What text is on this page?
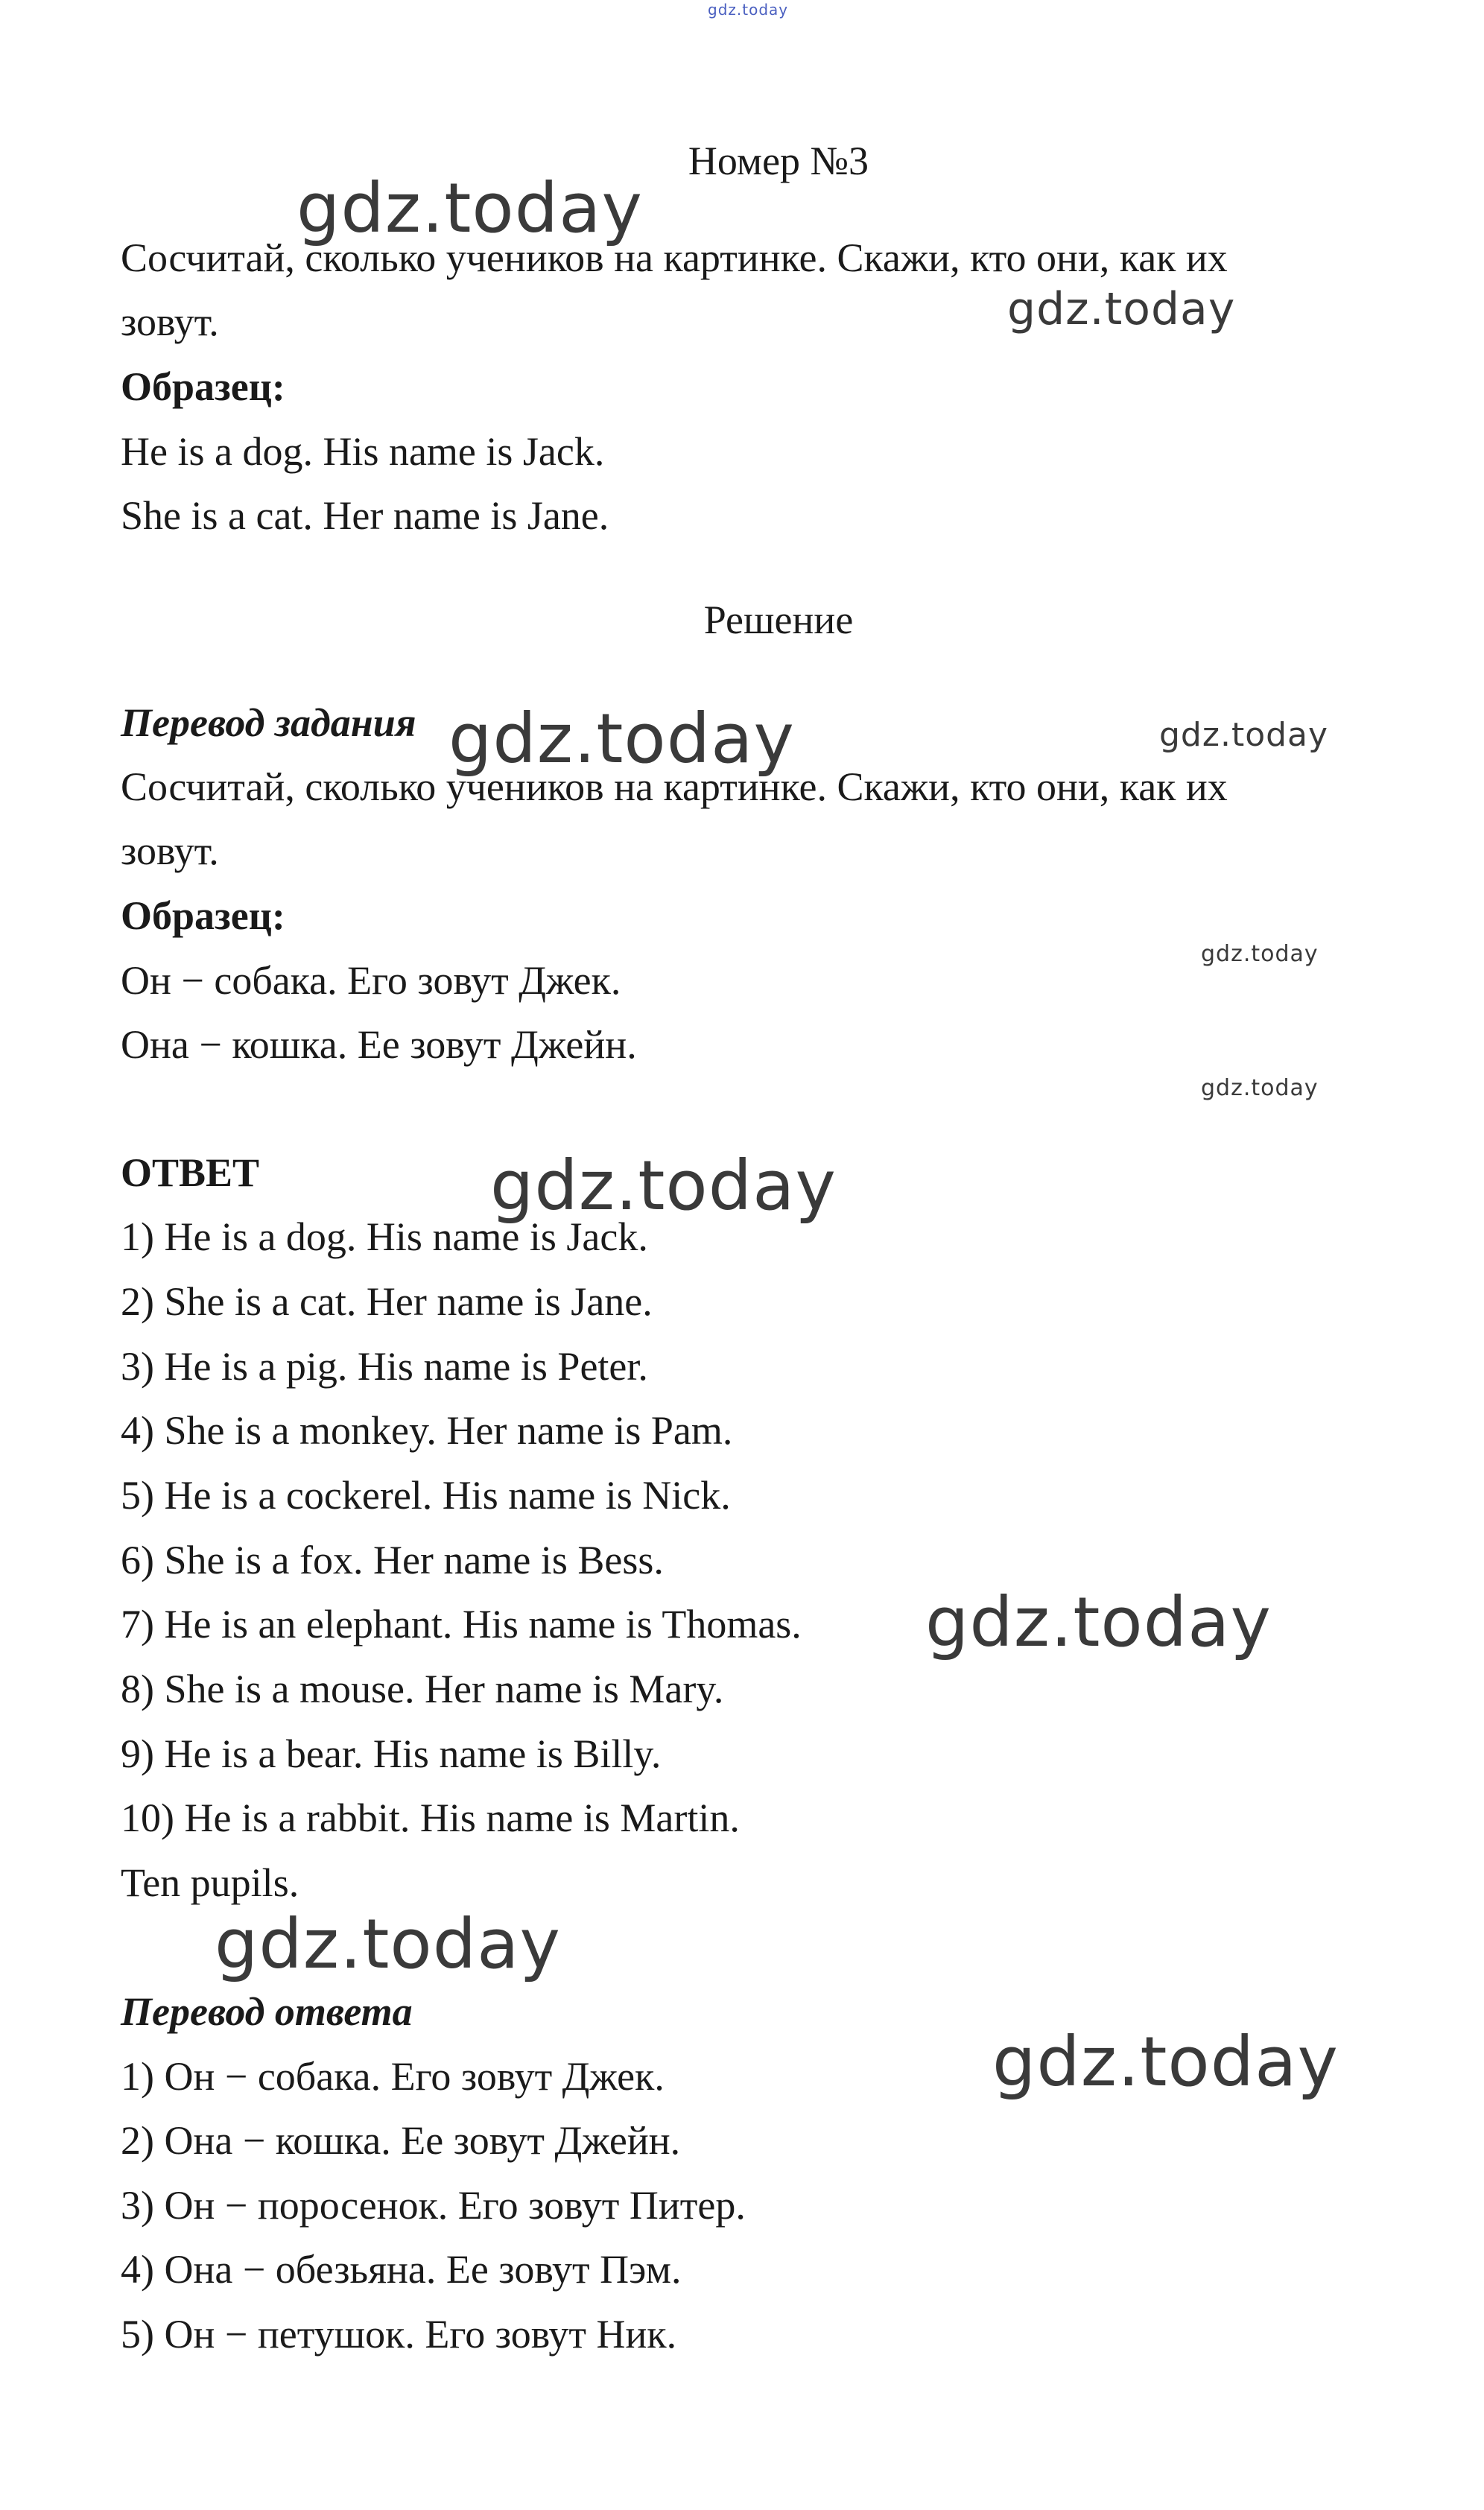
gdz.today
gdz.today
gdz.today
gdz.today	gdz.today
gdz.today
gdz.today
gdz.today
gdz.today
gdz.today
gdz.today
Номер №3
Сосчитай, сколько учеников на картинке. Скажи, кто они, как их
зовут.
Образец:
He is a dog. His name is Jack.
She is a cat. Her name is Jane.
Решение
Перевод задания
Сосчитай, сколько учеников на картинке. Скажи, кто они, как их
зовут.
Образец:
Он − собака. Его зовут Джек.
Она − кошка. Ее зовут Джейн.
ОТВЕТ
1) He is a dog. His name is Jack.
2) She is a cat. Her name is Jane.
3) He is a pig. His name is Peter.
4) She is a monkey. Her name is Pam.
5) He is a cockerel. His name is Nick.
6) She is a fox. Her name is Bess.
7) He is an elephant. His name is Thomas.
8) She is a mouse. Her name is Mary.
9) He is a bear. His name is Billy.
10) He is a rabbit. His name is Martin.
Ten pupils.
Перевод ответа
1) Он − собака. Его зовут Джек.
2) Она − кошка. Ее зовут Джейн.
3) Он − поросенок. Его зовут Питер.
4) Она − обезьяна. Ее зовут Пэм.
5) Он − петушок. Его зовут Ник.
